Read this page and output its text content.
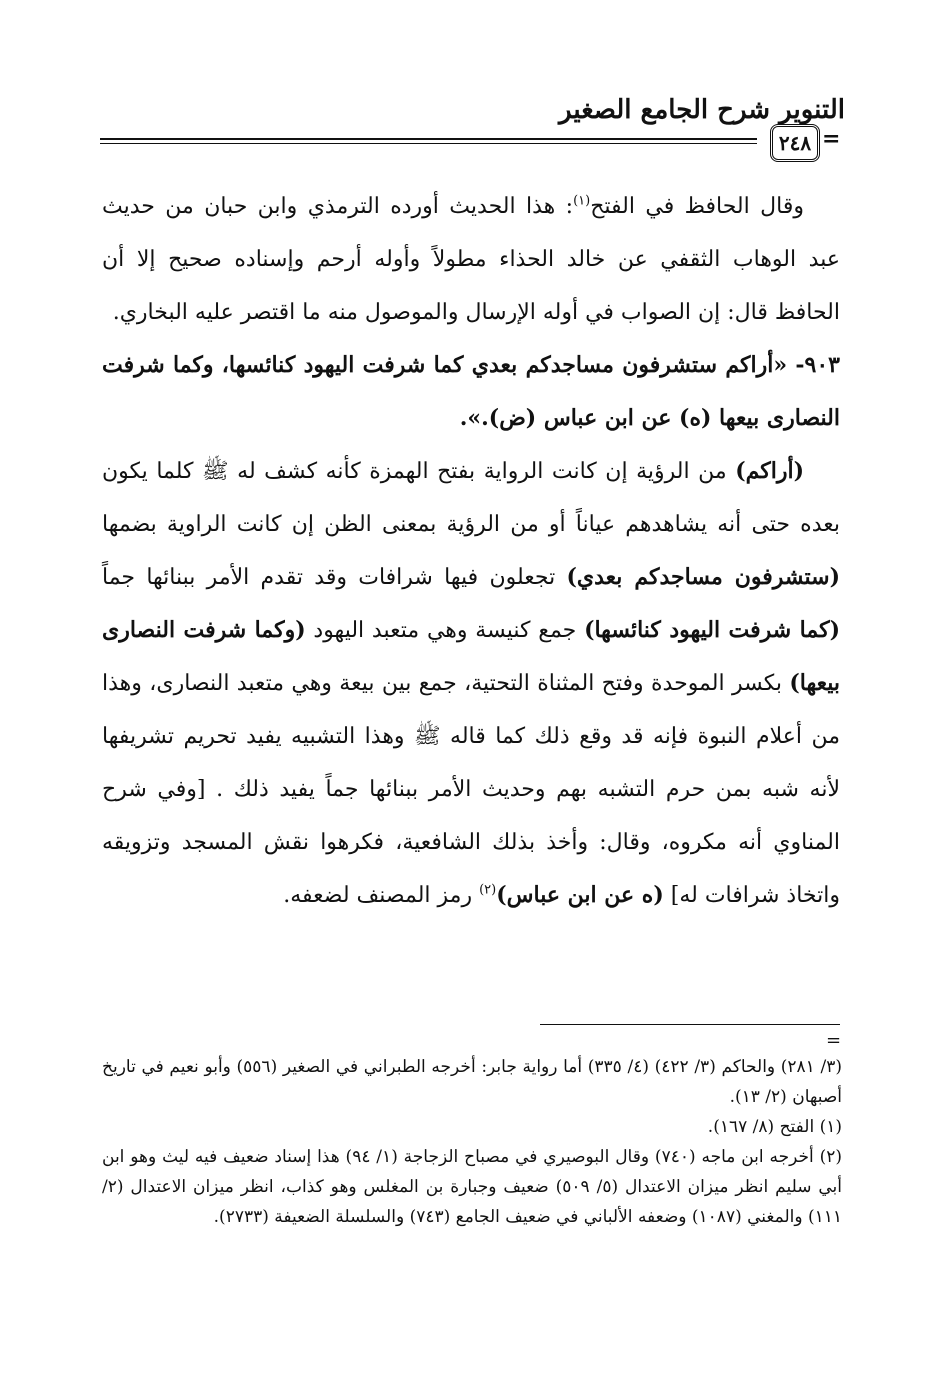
التنوير شرح الجامع الصغير
=
٢٤٨

وقال الحافظ في الفتح$^{(١)}$: هذا الحديث أورده الترمذي وابن حبان من حديث عبد الوهاب الثقفي عن خالد الحذاء مطولاً وأوله أرحم وإسناده صحيح إلا أن الحافظ قال: إن الصواب في أوله الإرسال والموصول منه ما اقتصر عليه البخاري.

٩٠٣- «أراكم ستشرفون مساجدكم بعدي كما شرفت اليهود كنائسها، وكما شرفت النصارى بيعها (ه) عن ابن عباس (ض).».

(أراكم) من الرؤية إن كانت الرواية بفتح الهمزة كأنه كشف له ﷺ كلما يكون بعده حتى أنه يشاهدهم عياناً أو من الرؤية بمعنى الظن إن كانت الراوية بضمها (ستشرفون مساجدكم بعدي) تجعلون فيها شرافات وقد تقدم الأمر ببنائها جماً (كما شرفت اليهود كنائسها) جمع كنيسة وهي متعبد اليهود (وكما شرفت النصارى بيعها) بكسر الموحدة وفتح المثناة التحتية، جمع بين بيعة وهي متعبد النصارى، وهذا من أعلام النبوة فإنه قد وقع ذلك كما قاله ﷺ وهذا التشبيه يفيد تحريم تشريفها لأنه شبه بمن حرم التشبه بهم وحديث الأمر ببنائها جماً يفيد ذلك . [وفي شرح المناوي أنه مكروه، وقال: وأخذ بذلك الشافعية، فكرهوا نقش المسجد وتزويقه واتخاذ شرافات له] (ه عن ابن عباس)$^{(٢)}$ رمز المصنف لضعفه.

=

(٣/ ٢٨١) والحاكم (٣/ ٤٢٢) (٤/ ٣٣٥) أما رواية جابر: أخرجه الطبراني في الصغير (٥٥٦) وأبو نعيم في تاريخ أصبهان (٢/ ١٣).

(١) الفتح (٨/ ١٦٧).

(٢) أخرجه ابن ماجه (٧٤٠) وقال البوصيري في مصباح الزجاجة (١/ ٩٤) هذا إسناد ضعيف فيه ليث وهو ابن أبي سليم انظر ميزان الاعتدال (٥/ ٥٠٩) ضعيف وجبارة بن المغلس وهو كذاب، انظر ميزان الاعتدال (٢/ ١١١) والمغني (١٠٨٧) وضعفه الألباني في ضعيف الجامع (٧٤٣) والسلسلة الضعيفة (٢٧٣٣).
